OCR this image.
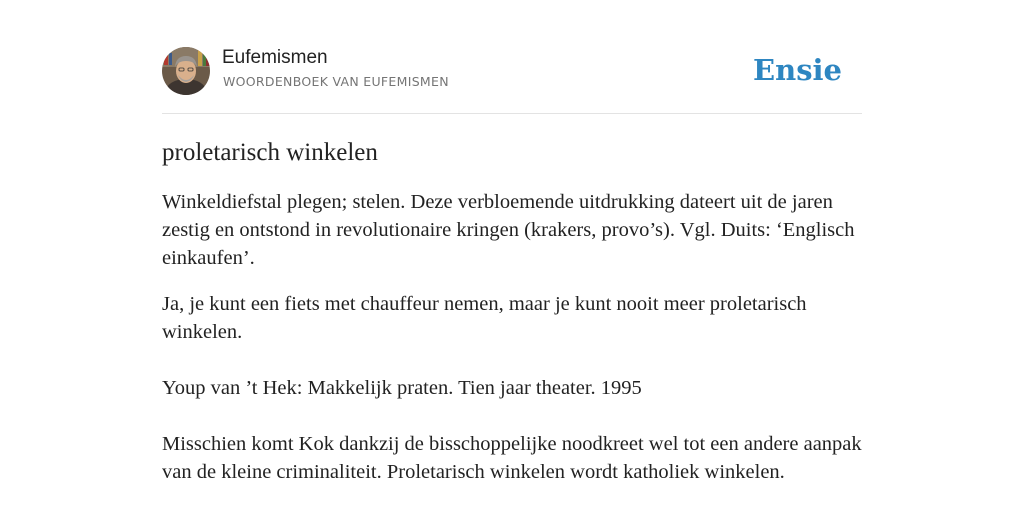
Eufemismen
WOORDENBOEK VAN EUFEMISMEN	Ensie
proletarisch winkelen

Winkeldiefstal plegen; stelen. Deze verbloemende uitdrukking dateert uit de jaren zestig en ontstond in revolutionaire kringen (krakers, provo’s). Vgl. Duits: ‘Englisch einkaufen’.

Ja, je kunt een fiets met chauffeur nemen, maar je kunt nooit meer proletarisch winkelen.

Youp van ’t Hek: Makkelijk praten. Tien jaar theater. 1995

Misschien komt Kok dankzij de bisschoppelijke noodkreet wel tot een andere aanpak van de kleine criminaliteit. Proletarisch winkelen wordt katholiek winkelen.
